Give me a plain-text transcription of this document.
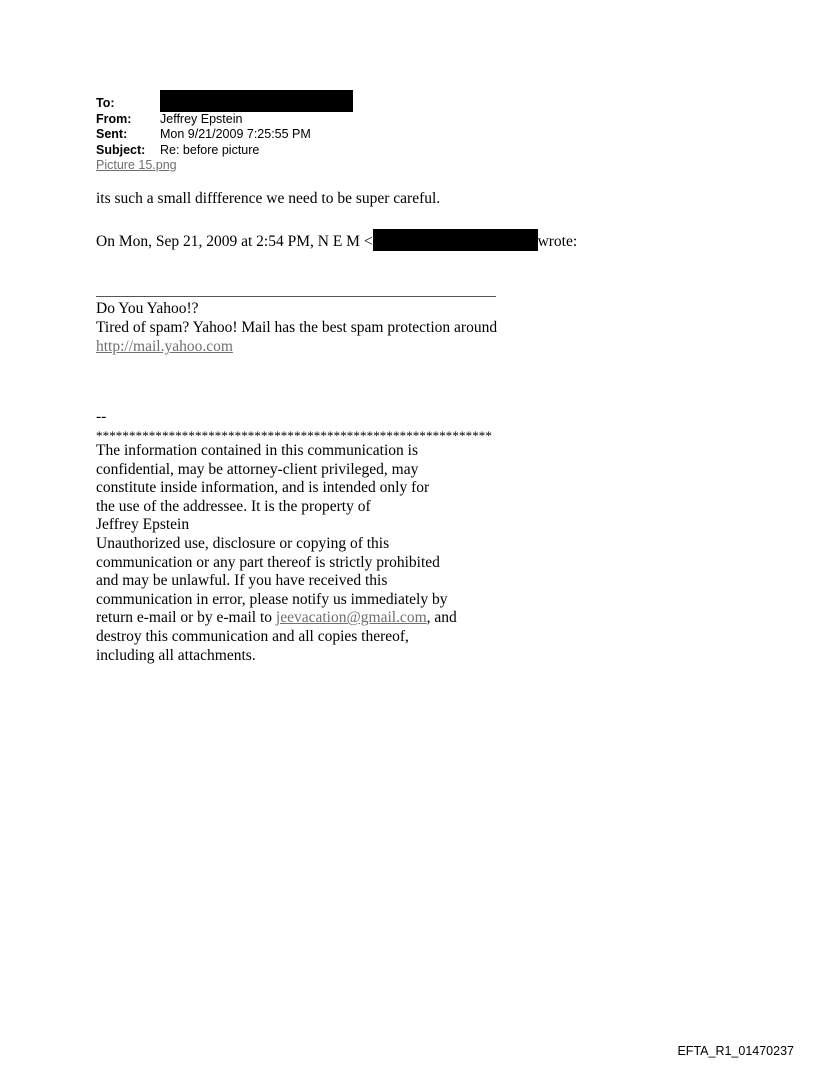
To:
From:	Jeffrey Epstein
Sent:	Mon 9/21/2009 7:25:55 PM
Subject:	Re: before picture
Picture 15.png
its such a small diffference we need to be super careful.
On Mon, Sep 21, 2009 at 2:54 PM, N E M <	wrote:
Do You Yahoo!?
Tired of spam? Yahoo! Mail has the best spam protection around
http://mail.yahoo.com
--
************************************************************
The information contained in this communication is
confidential, may be attorney-client privileged, may
constitute inside information, and is intended only for
the use of the addressee. It is the property of
Jeffrey Epstein
Unauthorized use, disclosure or copying of this
communication or any part thereof is strictly prohibited
and may be unlawful. If you have received this
communication in error, please notify us immediately by
return e-mail or by e-mail to jeevacation@gmail.com, and
destroy this communication and all copies thereof,
including all attachments.
EFTA_R1_01470237
